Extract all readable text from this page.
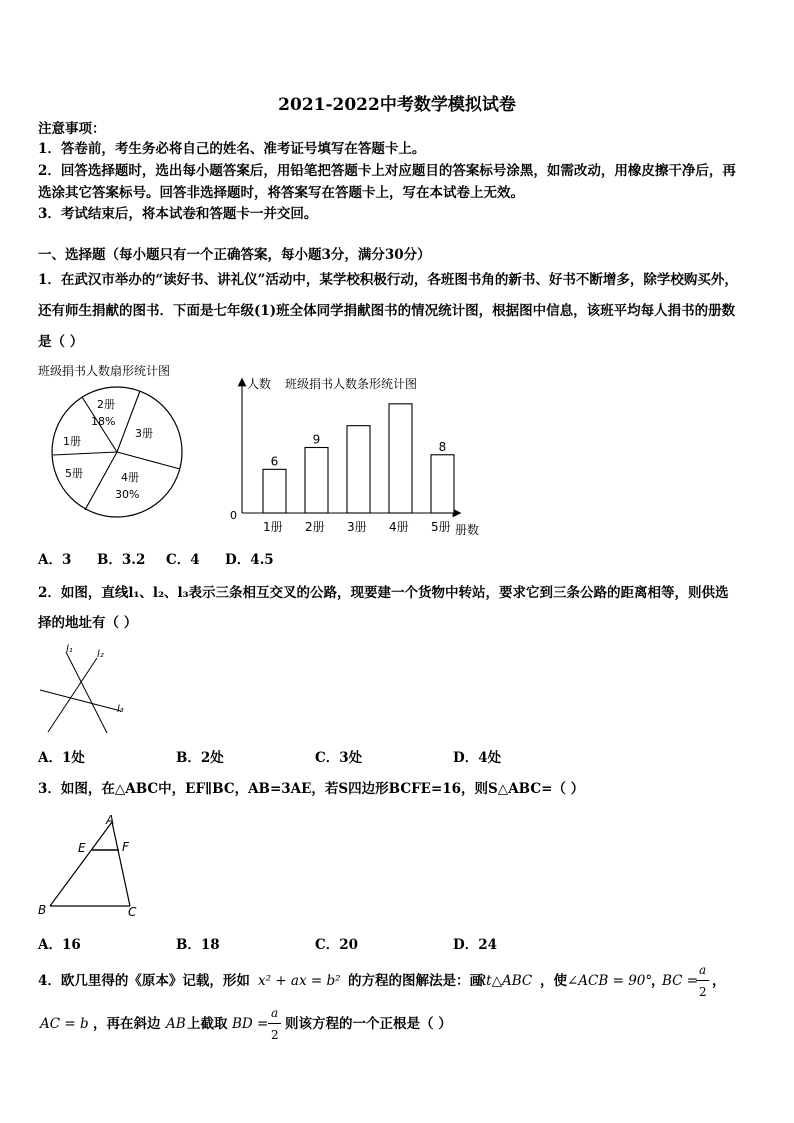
2021-2022中考数学模拟试卷
注意事项：
1．答卷前，考生务必将自己的姓名、准考证号填写在答题卡上。
2．回答选择题时，选出每小题答案后，用铅笔把答题卡上对应题目的答案标号涂黑，如需改动，用橡皮擦干净后，再
选涂其它答案标号。回答非选择题时，将答案写在答题卡上，写在本试卷上无效。
3．考试结束后，将本试卷和答题卡一并交回。
一、选择题（每小题只有一个正确答案，每小题3分，满分30分）
1．在武汉市举办的“读好书、讲礼仪”活动中，某学校积极行动，各班图书角的新书、好书不断增多，除学校购买外，
还有师生捐献的图书．下面是七年级(1)班全体同学捐献图书的情况统计图，根据图中信息，该班平均每人捐书的册数
是（ ）
班级捐书人数扇形统计图
2册
18%
3册
1册
5册	4册
30%
人数 班级捐书人数条形统计图
0
册数
1册
6
2册
9
3册 4册 5册
8
A．3 B．3.2 C．4 D．4.5
2．如图，直线l₁、l₂、l₃表示三条相互交叉的公路，现要建一个货物中转站，要求它到三条公路的距离相等，则供选
择的地址有（ ）
l₁ l₂
l₃
A．1处	B．2处	C．3处	D．4处
3．如图，在△ABC中，EF∥BC，AB=3AE，若S四边形BCFE=16，则S△ABC=（ ）
A
E	F
B	C
A．16	B．18	C．20	D．24
4．欧几里得的《原本》记载，形如 x² + ax = b² 的方程的图解法是：画
Rt△ABC ，使 ∠ACB = 90°
，
BC =
a
2
，
AC = b ，再在斜边 AB 上截取 BD =
a
2
则该方程的一个正根是（ ）
